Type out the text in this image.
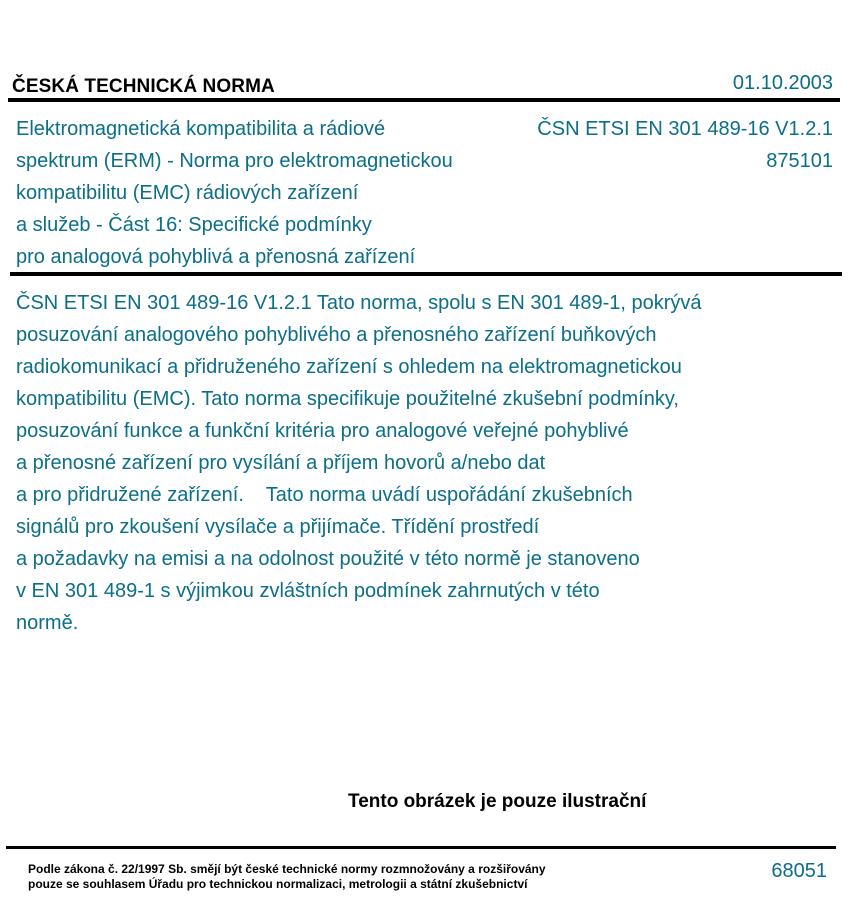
ČESKÁ TECHNICKÁ NORMA	01.10.2003
Elektromagnetická kompatibilita a rádiové
spektrum (ERM) - Norma pro elektromagnetickou
kompatibilitu (EMC) rádiových zařízení
a služeb - Část 16: Specifické podmínky
pro analogová pohyblivá a přenosná zařízení
ČSN ETSI EN 301 489-16 V1.2.1
875101
ČSN ETSI EN 301 489-16 V1.2.1 Tato norma, spolu s EN 301 489-1, pokrývá
posuzování analogového pohyblivého a přenosného zařízení buňkových
radiokomunikací a přidruženého zařízení s ohledem na elektromagnetickou
kompatibilitu (EMC). Tato norma specifikuje použitelné zkušební podmínky,
posuzování funkce a funkční kritéria pro analogové veřejné pohyblivé
a přenosné zařízení pro vysílání a příjem hovorů a/nebo dat
a pro přidružené zařízení.    Tato norma uvádí uspořádání zkušebních
signálů pro zkoušení vysílače a přijímače. Třídění prostředí
a požadavky na emisi a na odolnost použité v této normě je stanoveno
v EN 301 489-1 s výjimkou zvláštních podmínek zahrnutých v této
normě.
Tento obrázek je pouze ilustrační
Podle zákona č. 22/1997 Sb. smějí být české technické normy rozmnožovány a rozšiřovány
pouze se souhlasem Úřadu pro technickou normalizaci, metrologii a státní zkušebnictví
68051
